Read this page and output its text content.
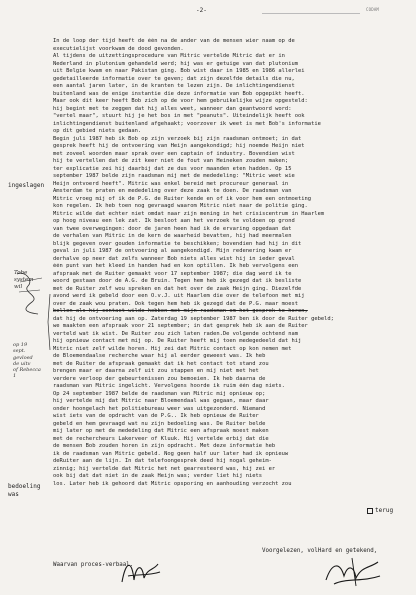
-2-	CODAM
Tobe
system
wil
op 19
sept.
gevloed
de uitv
of Rebecca
1
ingeslagen
bedoeling
was
In de loop der tijd heeft de één na de ander van de mensen wier naam op de
executielijst voorkwam de dood gevonden.
Al tijdens de uitzettingsprocedure van Mitric vertelde Mitric dat er in
Nederland in plutonium gehandeld werd; hij was er getuige van dat plutonium
uit Belgie kwam en naar Pakistan ging. Bob wist daar in 1985 en 1986 allerlei
gedetailleerde informatie over te geven; dat zijn dezelfde details die nu,
een aantal jaren later, in de kranten te lezen zijn. De inlichtingendienst
buitenland was de enige instantie die deze informatie van Bob opgepikt heeft.
Maar ook dit keer heeft Bob zich op de voor hem gebruikelijke wijze opgesteld:
hij begint met te zeggen dat hij alles weet, wanneer dan geantwoord word:
"vertel maar", stuurt hij je het bos in met "peanuts". Uiteindelijk heeft ook
inlichtingendienst buitenland afgehaakt; voorzover ik weet is met Bob's informatie
op dit gebied niets gedaan.
Begin juli 1987 heb ik Bob op zijn verzoek bij zijn raadsman ontmoet; in dat
gesprek heeft hij de ontvoering van Heijn aangekondigd; hij noemde Heijn niet
met zoveel woorden maar sprak over een captain of industry. Bovendien wist
hij te vertellen dat de zit keer niet de fout van Heineken zouden maken;
ter explicatie zei hij daarbij dat ze dus voor maanden eten hadden. Op 15
september 1987 belde zijn raadsman mij met de mededeling: "Mitric weet wie
Heijn ontvoerd heeft". Mitric was enkel bereid met procureur generaal in
Amsterdam te praten en mededeling over deze zaak te doen. De raadsman van
Mitric vroeg mij of ik de P.G. de Ruiter kende en of ik voor hem een ontmoeting
kon regelen. Ik heb toen nog gevraagd waarom Mitric niet naar de politie ging.
Mitric wilde dat echter niet omdat naar zijn mening in het crisiscentrum in Haarlem
op hoog niveau een lek zat. Ik besloot aan het verzoek te voldoen op grond
van twee overwegingen: door de jaren heen had ik de ervaring opgedaan dat
de verhalen van Mitric in de kern de waarheid bevatten, hij had meermalen
blijk gegeven over gouden informatie te beschikken; bovendien had hij in dit
geval in juli 1987 de ontvoering al aangekondigd. Mijn redenering kwam er
derhalve op neer dat zelfs wanneer Bob niets alles wist hij in ieder geval
één punt van het kleed in handen had en kon optillen. Ik heb vervolgens een
afspraak met de Ruiter gemaakt voor 17 september 1987; die dag werd ik te
woord gestaan door de A.G. de Bruin. Tegen hem heb ik gezegd dat ik besliste
met de Ruiter zelf wou spreken en dat het over de zaak Heijn ging. Diezelfde
avond werd ik gebeld door een O.v.J. uit Haarlem die over de telefoon met mij
over de zaak wou praten. Ook tegen hem heb ik gezegd dat de P.G. maar moest
bellen als hij contact wilde hebben met mijn raadsman om het gesprek te horen,
dat hij de ontvoering aan op. Zaterdag 19 september 1987 ben ik door de Ruiter gebeld;
we maakten een afspraak voor 21 september; in dat gesprek heb ik aan de Ruiter
verteld wat ik wist. De Ruiter zou zich laten raden.De volgende ochtend nam
hij opnieuw contact met mij op. De Ruiter heeft mij toen medegedeeld dat hij
Mitric niet zelf wilde horen. Hij zei dat Mitric contact op kon nemen met
de Bloemendaalse recherche waar hij al eerder geweest was. Ik heb
met de Ruiter de afspraak gemaakt dat ik het contact tot stand zou
brengen maar er daarna zelf uit zou stappen en mij niet met het
verdere verloop der gebeurtenissen zou bemoeien. Ik heb daarna de
raadsman van Mitric ingelicht. Vervolgens hoorde ik ruim één dag niets.
Op 24 september 1987 belde de raadsman van Mitric mij opnieuw op;
hij vertelde mij dat Mitric naar Bloemendaal was gegaan, maar daar
onder hoongelach het politiebureau weer was uitgezonderd. Niemand
wist iets van de opdracht van de P.G.. Ik heb opnieuw de Ruiter
gebeld en hem gevraagd wat nu zijn bedoeling was. De Ruiter belde
mij later op met de mededeling dat Mitric een afspraak moest maken
met de rechercheurs Lakerveer of Kluuk. Hij vertelde erbij dat die
de mensen Bob zouden horen in zijn opdracht. Met deze informatie heb
ik de raadsman van Mitric gebeld. Nog geen half uur later had ik opnieuw
deRuiter aan de lijn. In dat telefoongesprek deed hij nogal geheim-
zinnig; hij vertelde dat Mitric het net gearresteerd was, hij zei er
ook bij dat dat niet in de zaak Heijn was; verder liet hij niets
los. Later heb ik gehoord dat Mitric opsporing en aanhouding verzocht zou
terug
Waarvan proces-verbaal.
Voorgelezen, volHard en getekend,
